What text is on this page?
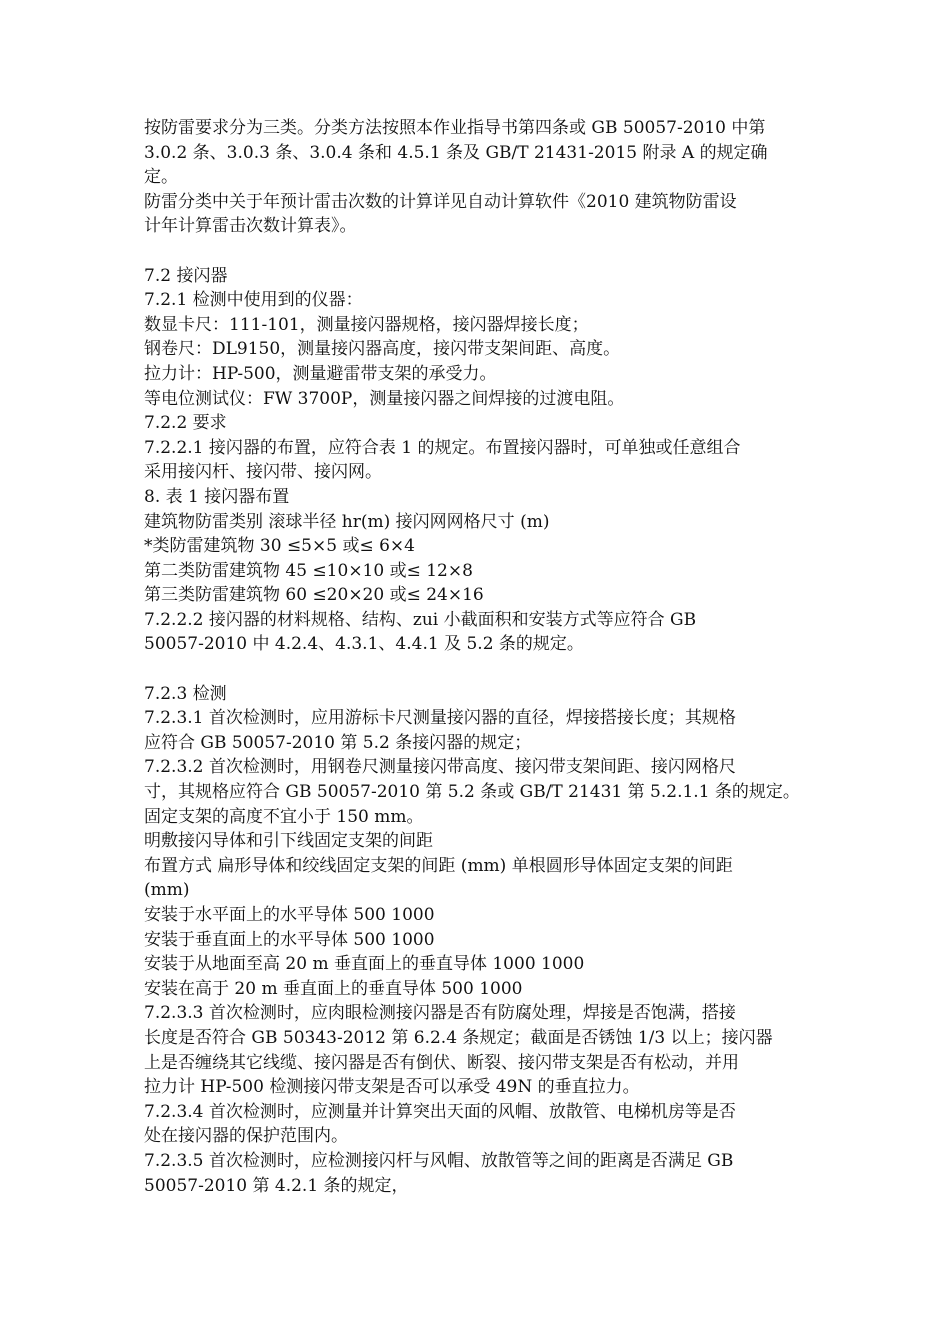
按防雷要求分为三类。分类方法按照本作业指导书第四条或 GB 50057-2010 中第
3.0.2 条、3.0.3 条、3.0.4 条和 4.5.1 条及 GB/T 21431-2015 附录 A 的规定确
定。
防雷分类中关于年预计雷击次数的计算详见自动计算软件《2010 建筑物防雷设
计年计算雷击次数计算表》。
7.2 接闪器
7.2.1 检测中使用到的仪器：
数显卡尺：111-101，测量接闪器规格，接闪器焊接长度；
钢卷尺：DL9150，测量接闪器高度，接闪带支架间距、高度。
拉力计：HP-500，测量避雷带支架的承受力。
等电位测试仪：FW 3700P，测量接闪器之间焊接的过渡电阻。
7.2.2 要求
7.2.2.1 接闪器的布置，应符合表 1 的规定。布置接闪器时，可单独或任意组合
采用接闪杆、接闪带、接闪网。
8. 表 1 接闪器布置
建筑物防雷类别 滚球半径 hr(m) 接闪网网格尺寸 (m)
*类防雷建筑物 30 ≤5×5 或≤ 6×4
第二类防雷建筑物 45 ≤10×10 或≤ 12×8
第三类防雷建筑物 60 ≤20×20 或≤ 24×16
7.2.2.2 接闪器的材料规格、结构、zui 小截面积和安装方式等应符合 GB
50057-2010 中 4.2.4、4.3.1、4.4.1 及 5.2 条的规定。
7.2.3 检测
7.2.3.1 首次检测时，应用游标卡尺测量接闪器的直径，焊接搭接长度；其规格
应符合 GB 50057-2010 第 5.2 条接闪器的规定；
7.2.3.2 首次检测时，用钢卷尺测量接闪带高度、接闪带支架间距、接闪网格尺
寸，其规格应符合 GB 50057-2010 第 5.2 条或 GB/T 21431 第 5.2.1.1 条的规定。
固定支架的高度不宜小于 150 mm。
明敷接闪导体和引下线固定支架的间距
布置方式 扁形导体和绞线固定支架的间距 (mm) 单根圆形导体固定支架的间距
(mm)
安装于水平面上的水平导体 500 1000
安装于垂直面上的水平导体 500 1000
安装于从地面至高 20 m 垂直面上的垂直导体 1000 1000
安装在高于 20 m 垂直面上的垂直导体 500 1000
7.2.3.3 首次检测时，应肉眼检测接闪器是否有防腐处理，焊接是否饱满，搭接
长度是否符合 GB 50343-2012 第 6.2.4 条规定；截面是否锈蚀 1/3 以上；接闪器
上是否缠绕其它线缆、接闪器是否有倒伏、断裂、接闪带支架是否有松动，并用
拉力计 HP-500 检测接闪带支架是否可以承受 49N 的垂直拉力。
7.2.3.4 首次检测时，应测量并计算突出天面的风帽、放散管、电梯机房等是否
处在接闪器的保护范围内。
7.2.3.5 首次检测时，应检测接闪杆与风帽、放散管等之间的距离是否满足 GB
50057-2010 第 4.2.1 条的规定，
